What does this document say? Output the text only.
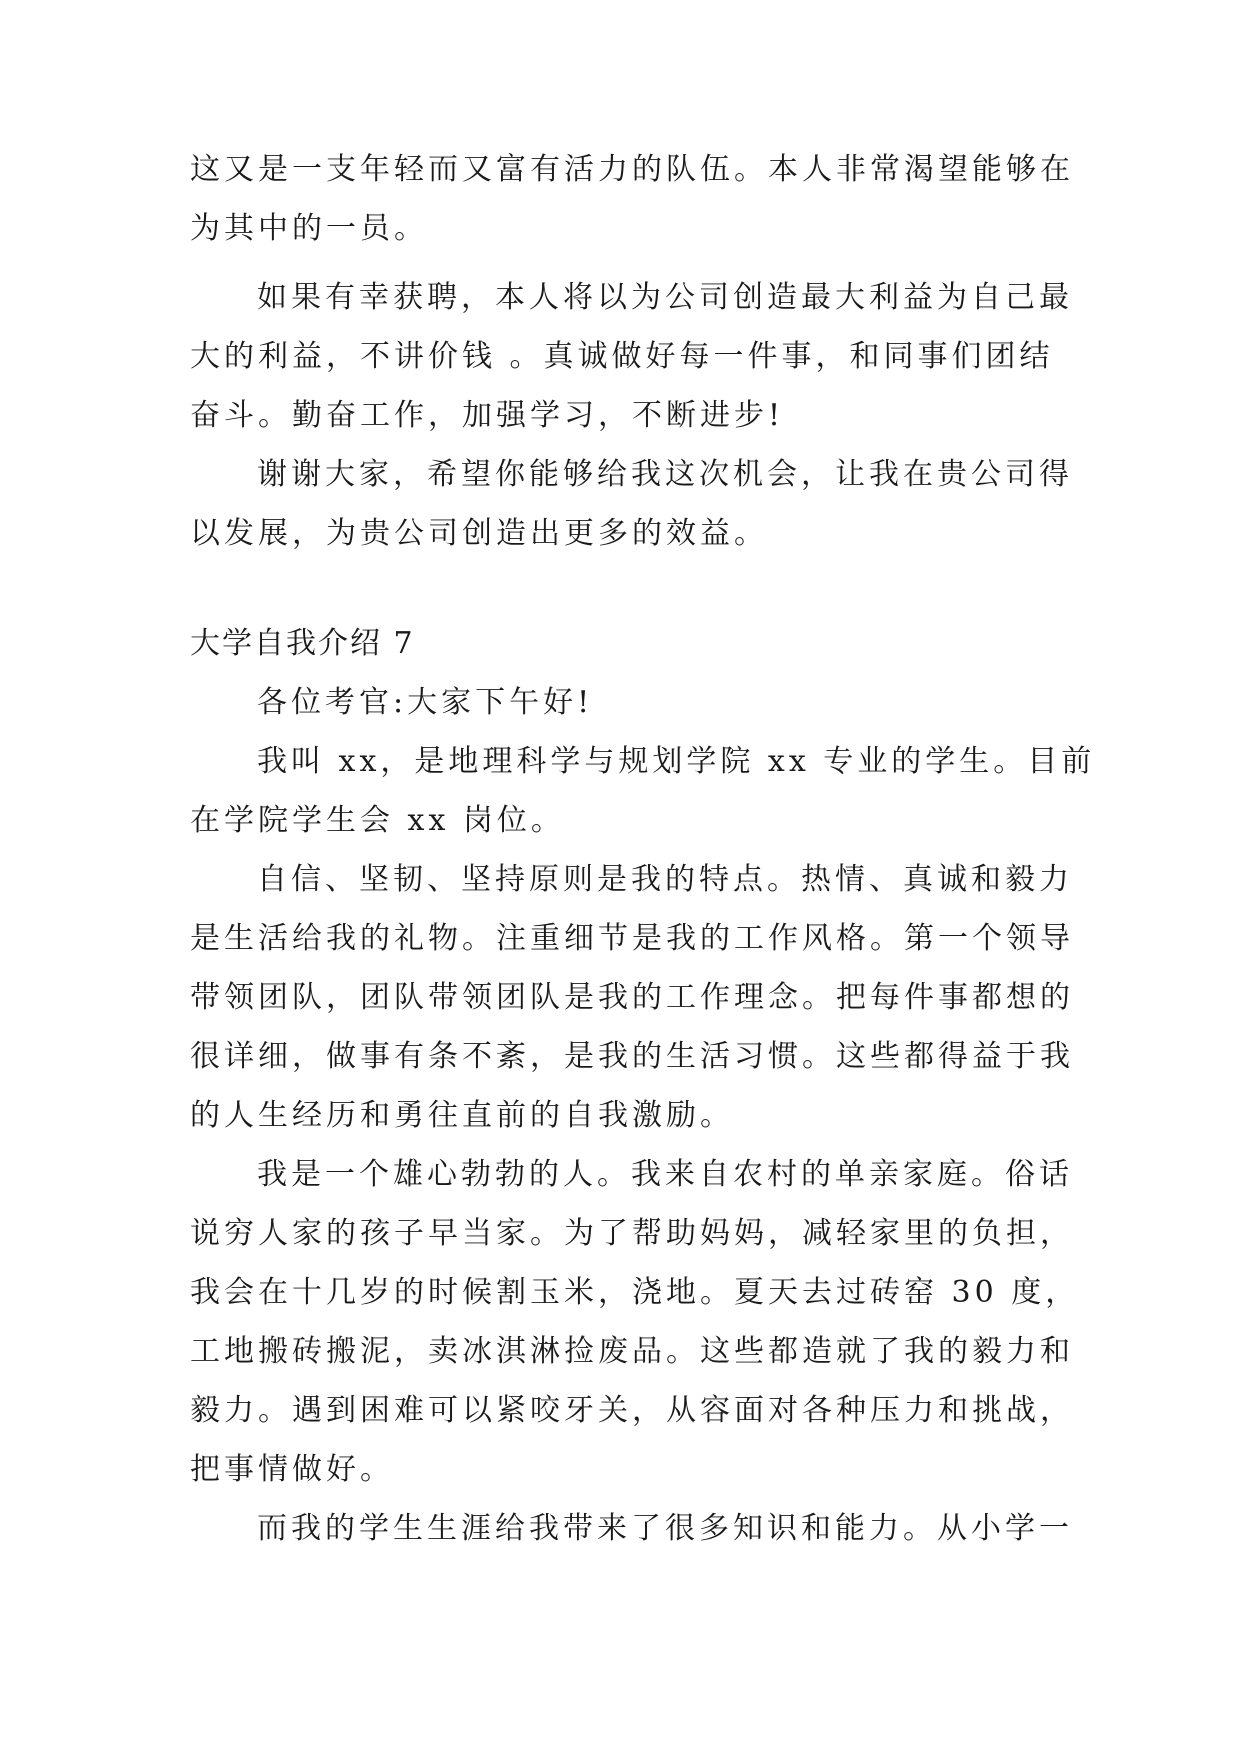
这又是一支年轻而又富有活力的队伍。本人非常渴望能够在
为其中的一员。
如果有幸获聘，本人将以为公司创造最大利益为自己最
大的利益，不讲价钱 。真诚做好每一件事，和同事们团结
奋斗。勤奋工作，加强学习，不断进步!
谢谢大家，希望你能够给我这次机会，让我在贵公司得
以发展，为贵公司创造出更多的效益。
大学自我介绍 7
各位考官:大家下午好!
我叫 xx，是地理科学与规划学院 xx 专业的学生。目前
在学院学生会 xx 岗位。
自信、坚韧、坚持原则是我的特点。热情、真诚和毅力
是生活给我的礼物。注重细节是我的工作风格。第一个领导
带领团队，团队带领团队是我的工作理念。把每件事都想的
很详细，做事有条不紊，是我的生活习惯。这些都得益于我
的人生经历和勇往直前的自我激励。
我是一个雄心勃勃的人。我来自农村的单亲家庭。俗话
说穷人家的孩子早当家。为了帮助妈妈，减轻家里的负担，
我会在十几岁的时候割玉米，浇地。夏天去过砖窑 30 度，
工地搬砖搬泥，卖冰淇淋捡废品。这些都造就了我的毅力和
毅力。遇到困难可以紧咬牙关，从容面对各种压力和挑战，
把事情做好。
而我的学生生涯给我带来了很多知识和能力。从小学一
